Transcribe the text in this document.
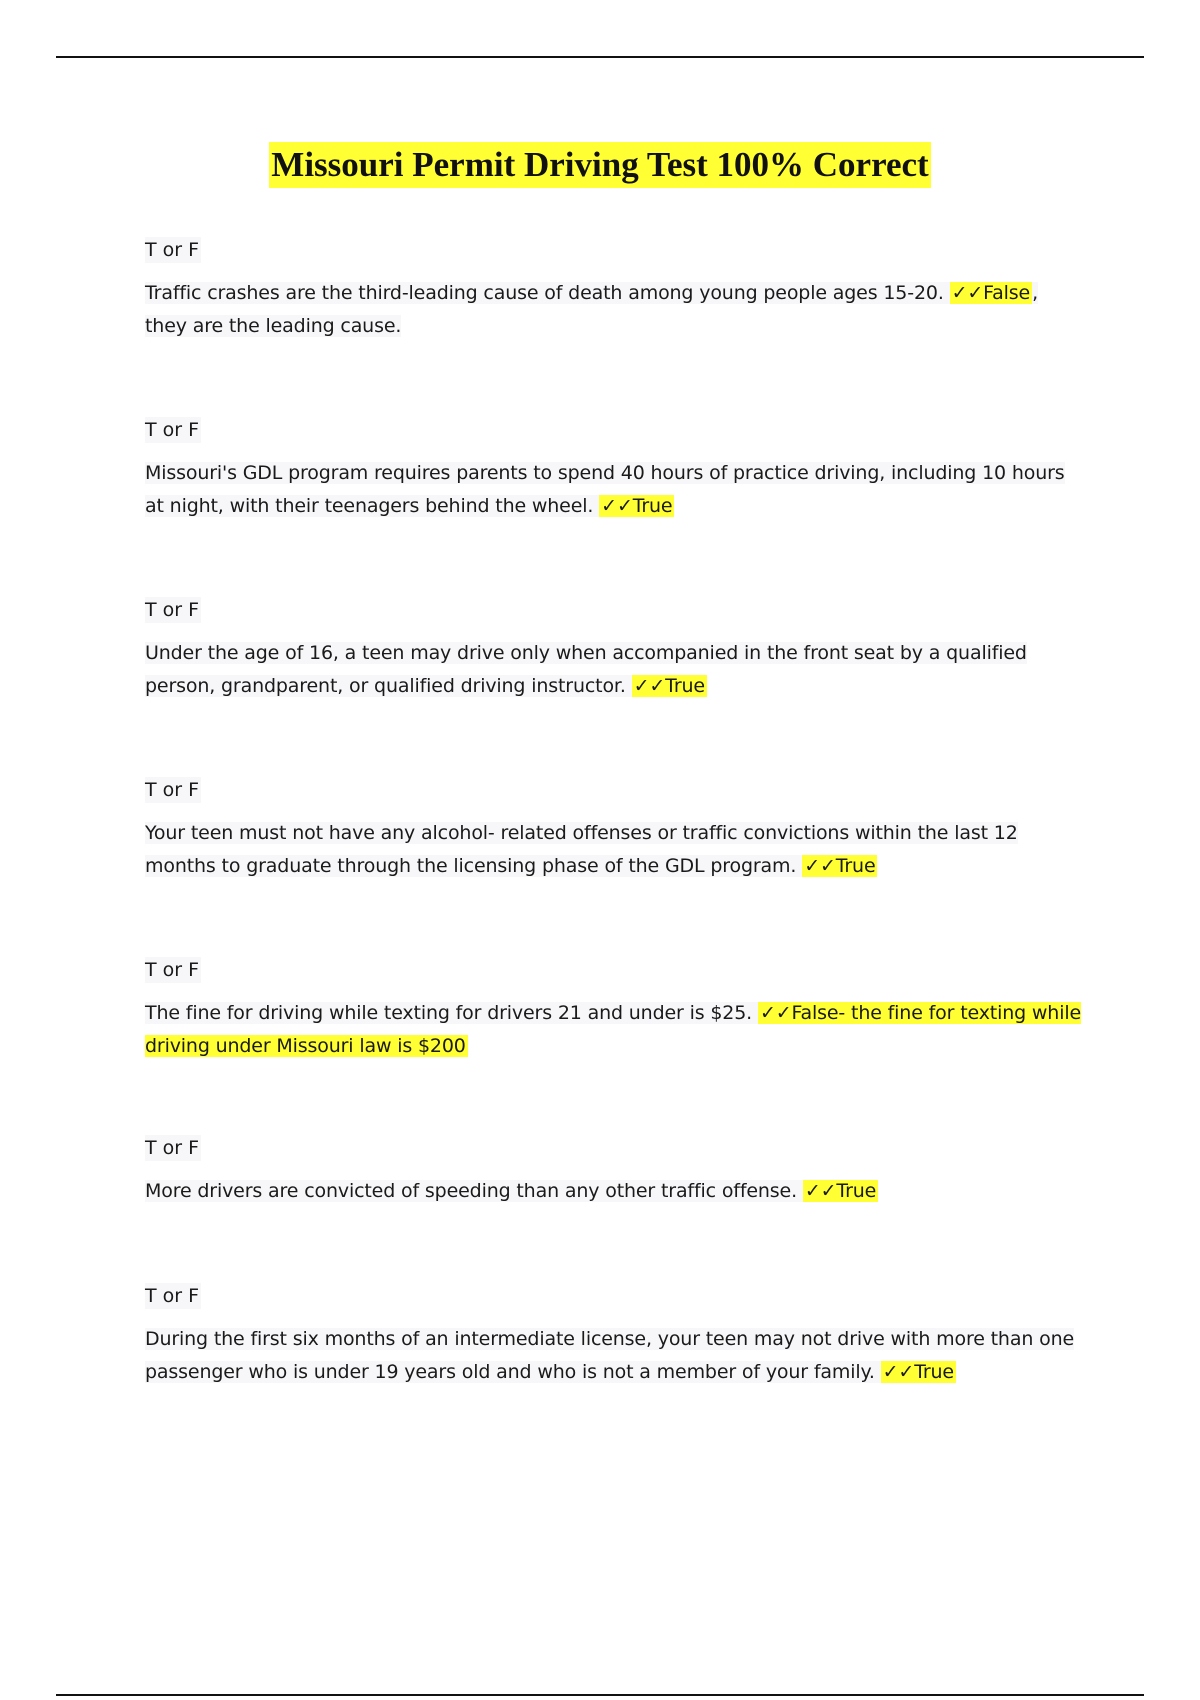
Missouri Permit Driving Test 100% Correct
T or F
Traffic crashes are the third-leading cause of death among young people ages 15-20. ✓✓False , they are the leading cause.
T or F
Missouri's GDL program requires parents to spend 40 hours of practice driving, including 10 hours at night, with their teenagers behind the wheel. ✓✓True
T or F
Under the age of 16, a teen may drive only when accompanied in the front seat by a qualified person, grandparent, or qualified driving instructor. ✓✓True
T or F
Your teen must not have any alcohol- related offenses or traffic convictions within the last 12 months to graduate through the licensing phase of the GDL program. ✓✓True
T or F
The fine for driving while texting for drivers 21 and under is $25. ✓✓False- the fine for texting while driving under Missouri law is $200
T or F
More drivers are convicted of speeding than any other traffic offense. ✓✓True
T or F
During the first six months of an intermediate license, your teen may not drive with more than one passenger who is under 19 years old and who is not a member of your family. ✓✓True
